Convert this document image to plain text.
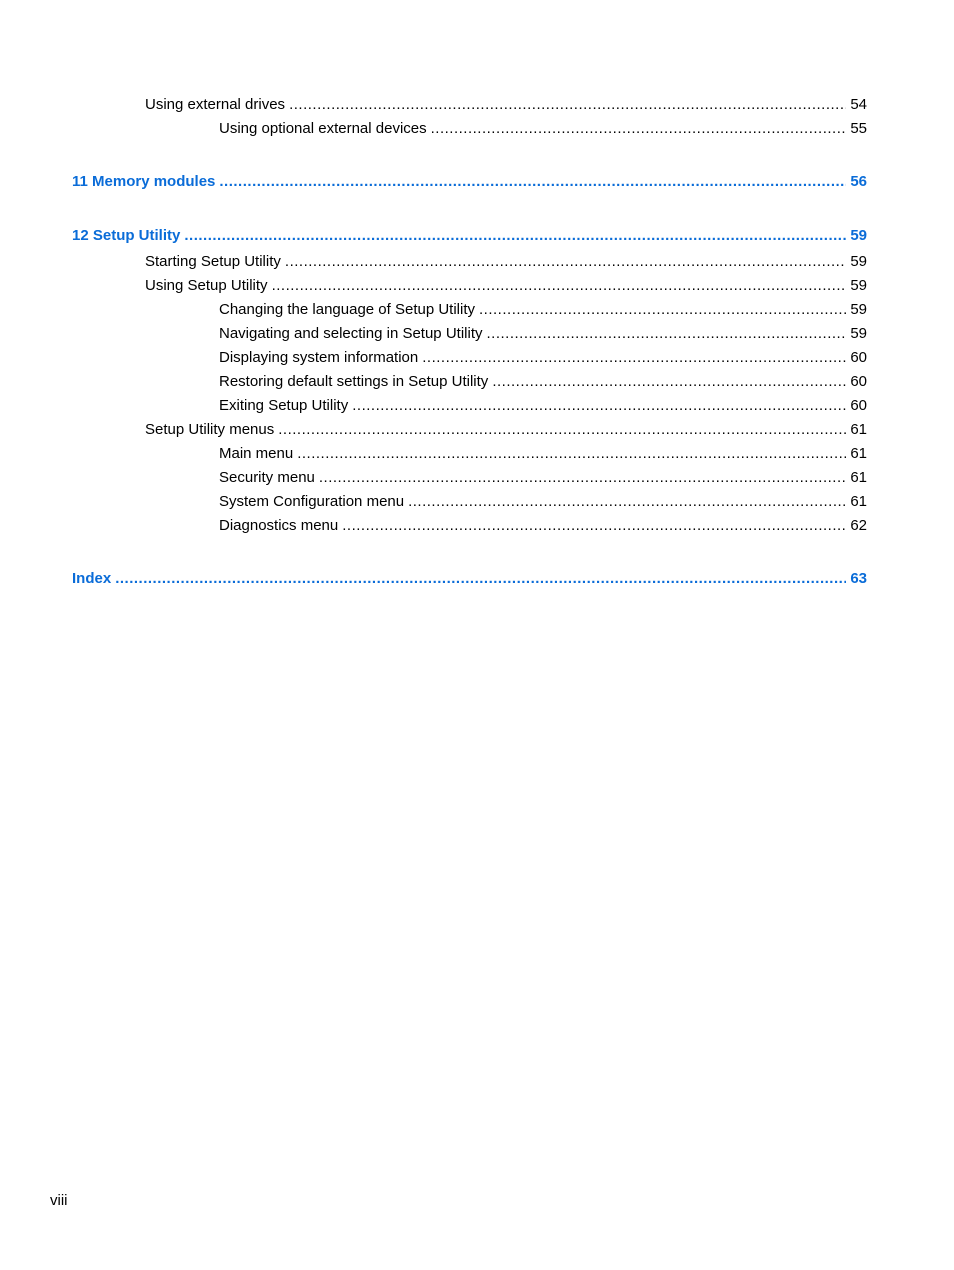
Using external drives .....	54
Using optional external devices .....	55
11 Memory modules .....	56
12 Setup Utility .....	59
Starting Setup Utility .....	59
Using Setup Utility .....	59
Changing the language of Setup Utility .....	59
Navigating and selecting in Setup Utility .....	59
Displaying system information .....	60
Restoring default settings in Setup Utility .....	60
Exiting Setup Utility .....	60
Setup Utility menus .....	61
Main menu .....	61
Security menu .....	61
System Configuration menu .....	61
Diagnostics menu .....	62
Index .....	63
viii
